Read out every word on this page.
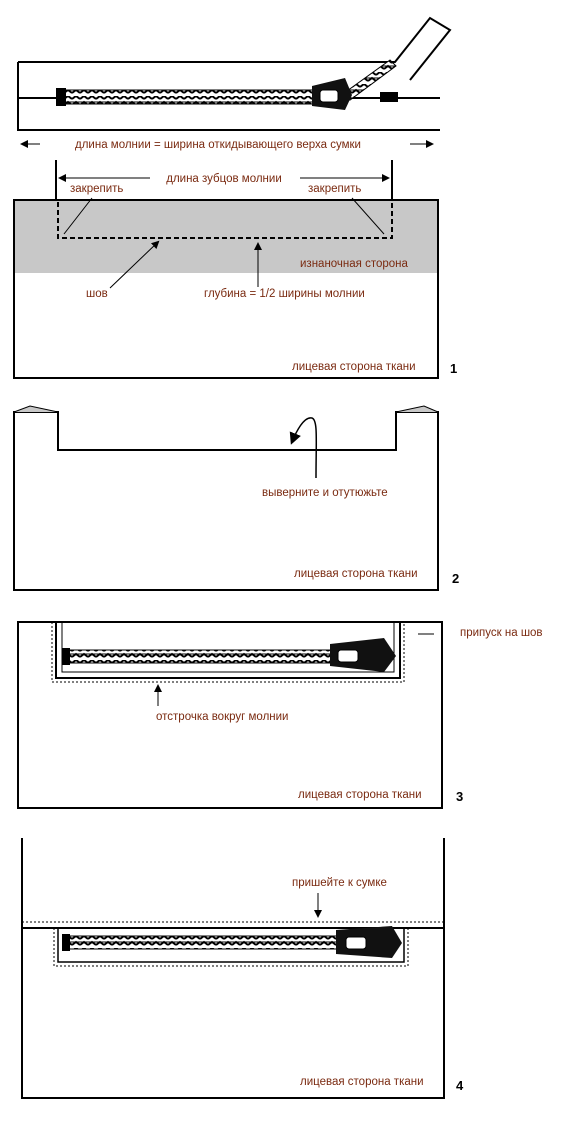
длина молнии = ширина откидывающего верха сумки
длина зубцов молнии
закрепить	закрепить
изнаночная сторона
шов	глубина = 1/2 ширины молнии
лицевая сторона ткани	1
выверните и отутюжьте
лицевая сторона ткани	2
припуск на шов
отстрочка вокруг молнии
лицевая сторона ткани	3
пришейте к сумке
лицевая сторона ткани 4
